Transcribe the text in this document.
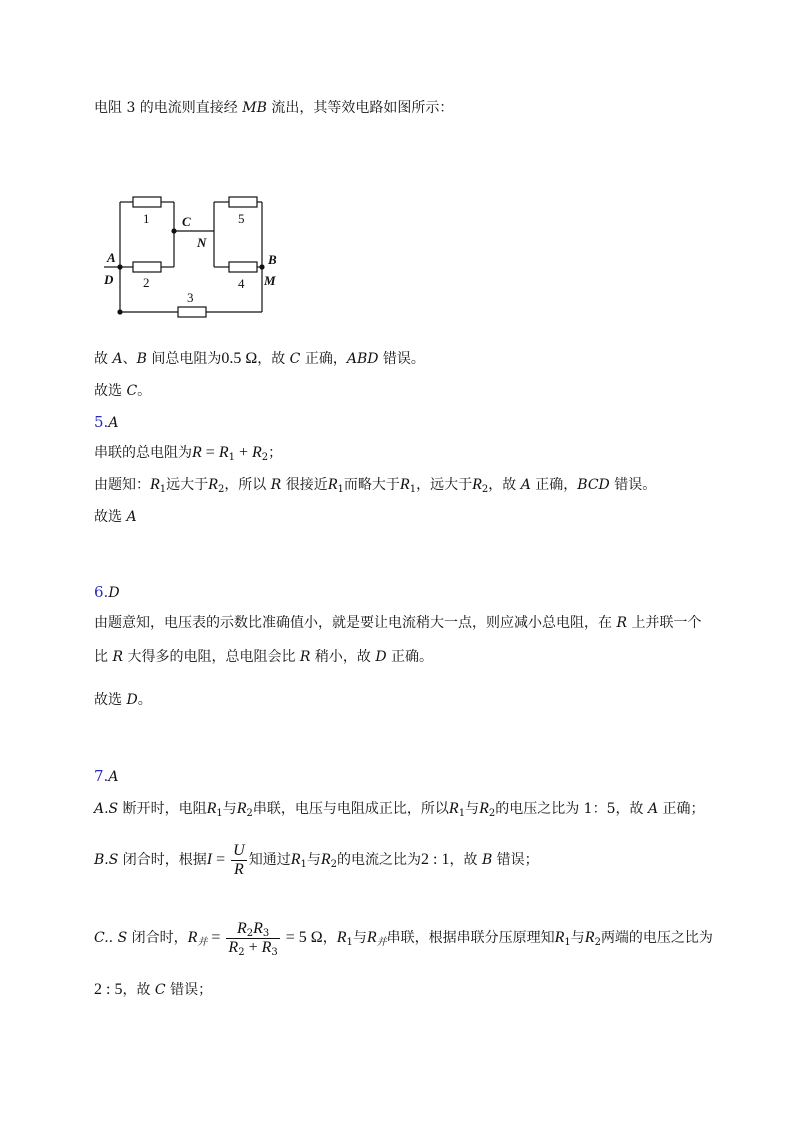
电阻 3 的电流则直接经 MB 流出，其等效电路如图所示：
1
2
5
4
3
A
D
C
N
B
M
故 A、B 间总电阻为0.5 Ω，故 C 正确，ABD 错误。
故选 C。
5.A
串联的总电阻为$R = R_1 + R_2$；
由题知：$R_1$远大于$R_2$，所以 R 很接近$R_1$而略大于$R_1$，远大于$R_2$，故 A 正确，BCD 错误。
故选 A
6.D
由题意知，电压表的示数比准确值小，就是要让电流稍大一点，则应减小总电阻，在 R 上并联一个
比 R 大得多的电阻，总电阻会比 R 稍小，故 D 正确。
故选 D。
7.A
A.S 断开时，电阻$R_1$与$R_2$串联，电压与电阻成正比，所以$R_1$与$R_2$的电压之比为 1：5，故 A 正确；
B.S 闭合时，根据$I = \frac{U}{R}$ 知通过$R_1$与$R_2$的电流之比为2 : 1，故 B 错误；
C.. S 闭合时，$R_并 = \frac{R_2R_3}{R_2 + R_3} = 5$ Ω，$R_1$与$R_并$串联，根据串联分压原理知$R_1$与$R_2$两端的电压之比为
2 : 5，故 C 错误；
